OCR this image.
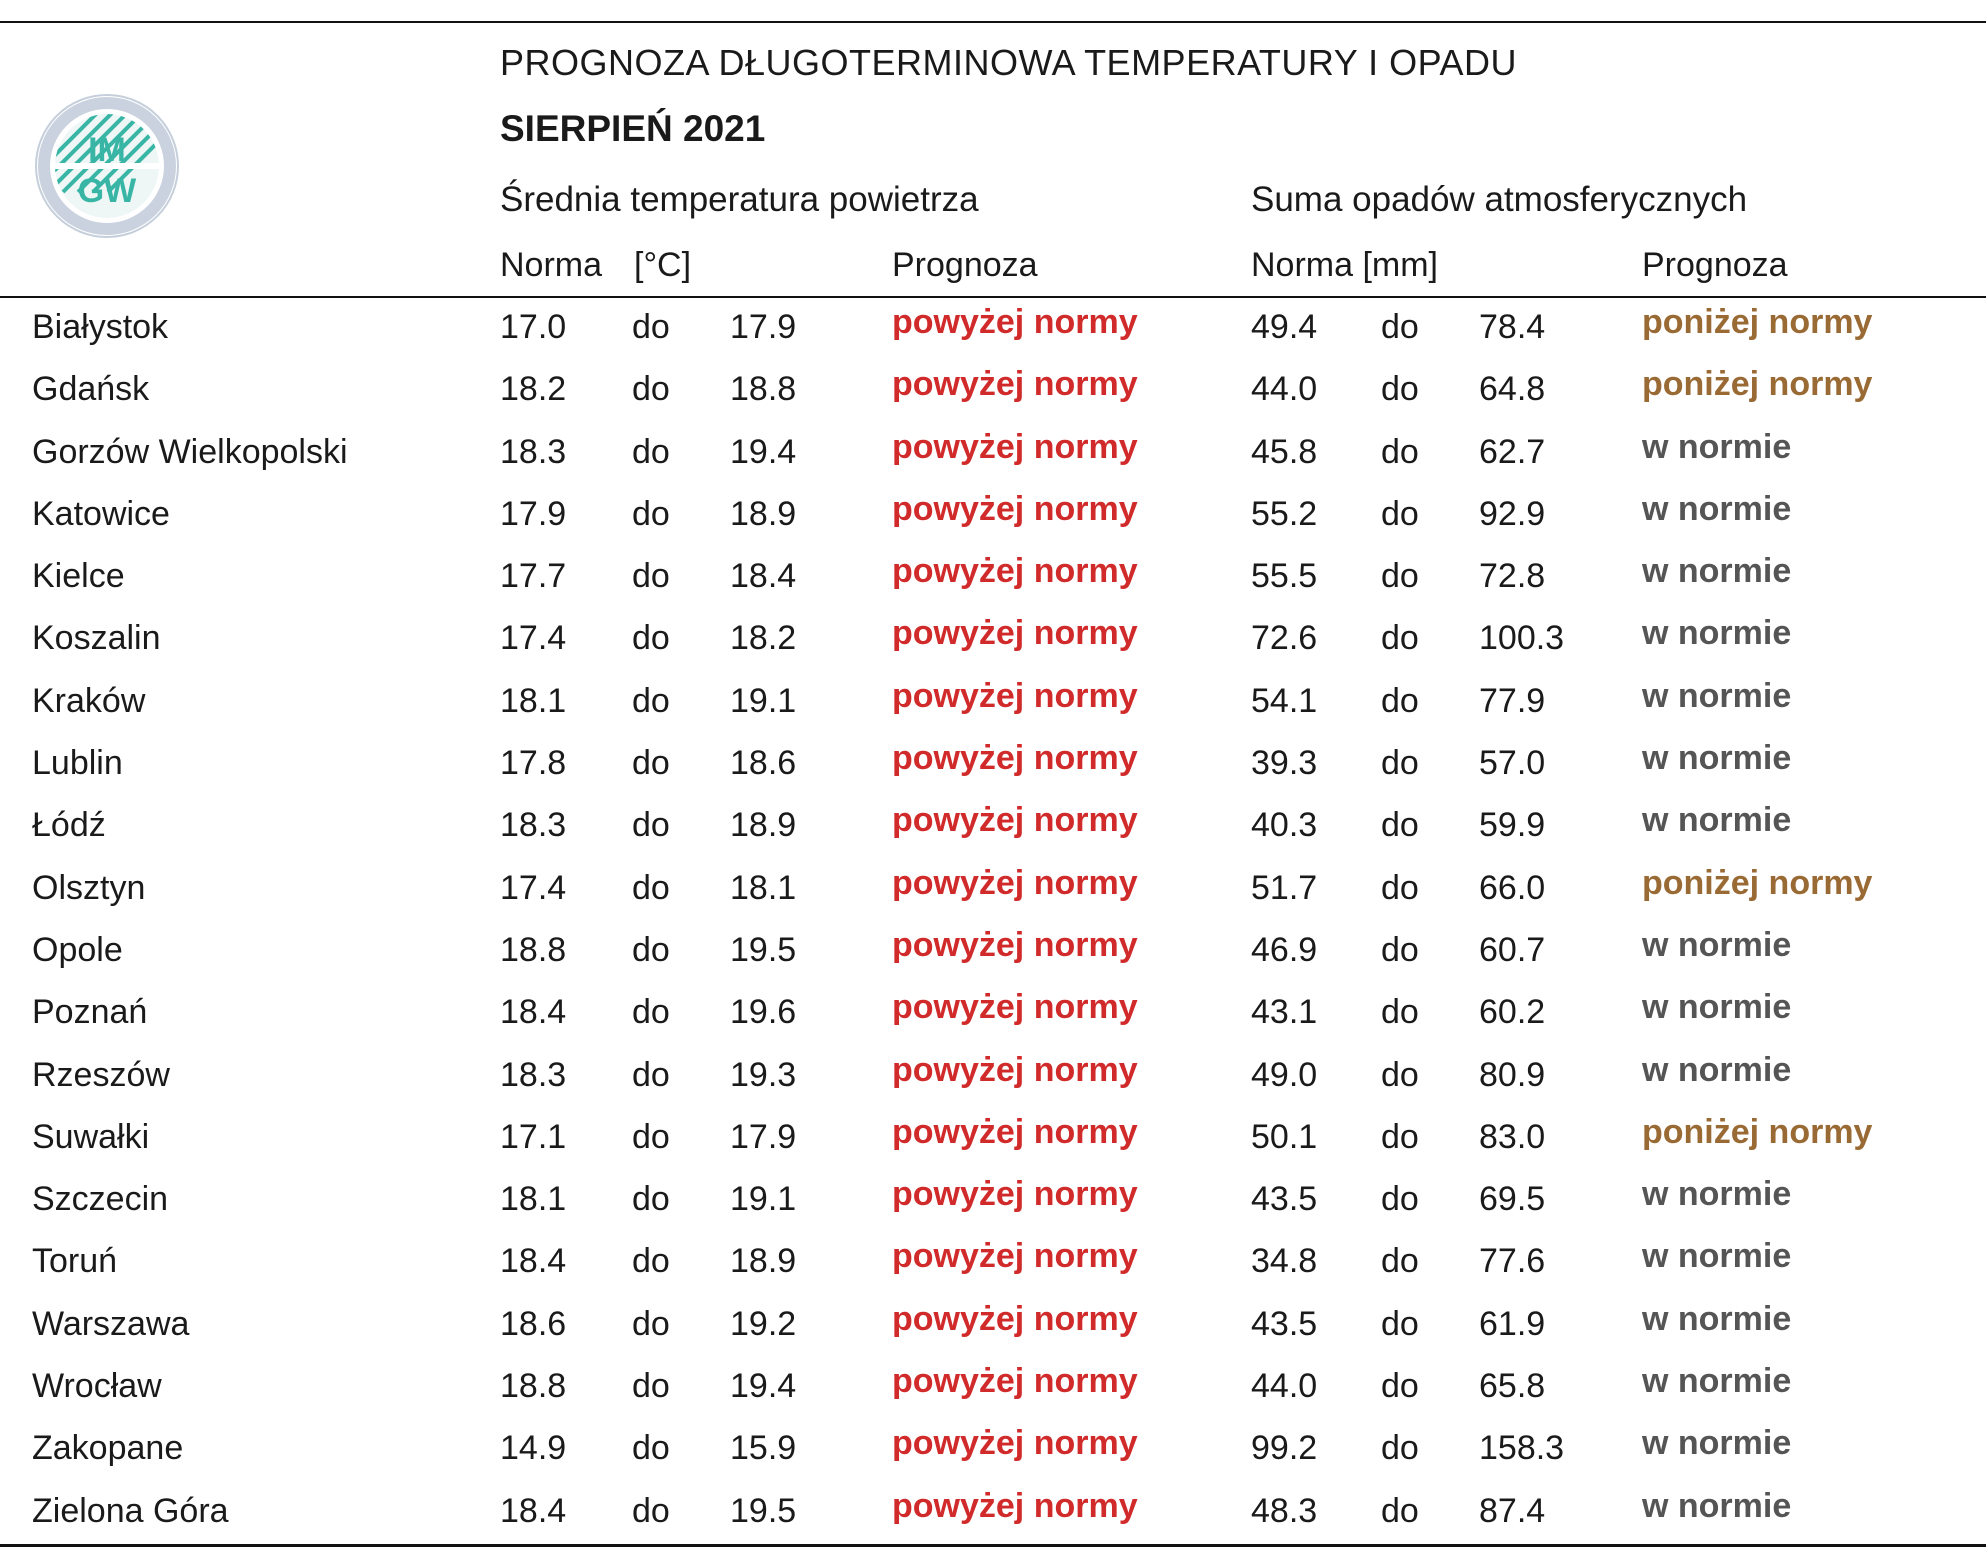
IM
GW
PROGNOZA DŁUGOTERMINOWA TEMPERATURY I OPADU
SIERPIEŃ 2021
Średnia temperatura powietrza	Suma opadów atmosferycznych
Norma [°C]	Prognoza	Norma [mm]	Prognoza
Białystok	17.0 do 17.9	powyżej normy	49.4 do 78.4	poniżej normy
Gdańsk	18.2 do 18.8	powyżej normy	44.0 do 64.8	poniżej normy
Gorzów Wielkopolski	18.3 do 19.4	powyżej normy	45.8 do 62.7	w normie
Katowice	17.9 do 18.9	powyżej normy	55.2 do 92.9	w normie
Kielce	17.7 do 18.4	powyżej normy	55.5 do 72.8	w normie
Koszalin	17.4 do 18.2	powyżej normy	72.6 do 100.3 w normie
Kraków	18.1 do 19.1	powyżej normy	54.1 do 77.9	w normie
Lublin	17.8 do 18.6	powyżej normy	39.3 do 57.0	w normie
Łódź	18.3 do 18.9	powyżej normy	40.3 do 59.9	w normie
Olsztyn	17.4 do 18.1	powyżej normy	51.7 do 66.0	poniżej normy
Opole	18.8 do 19.5	powyżej normy	46.9 do 60.7	w normie
Poznań	18.4 do 19.6	powyżej normy	43.1 do 60.2	w normie
Rzeszów	18.3 do 19.3	powyżej normy	49.0 do 80.9	w normie
Suwałki	17.1 do 17.9	powyżej normy	50.1 do 83.0	poniżej normy
Szczecin	18.1 do 19.1	powyżej normy	43.5 do 69.5	w normie
Toruń	18.4 do 18.9	powyżej normy	34.8 do 77.6	w normie
Warszawa	18.6 do 19.2	powyżej normy	43.5 do 61.9	w normie
Wrocław	18.8 do 19.4	powyżej normy	44.0 do 65.8	w normie
Zakopane	14.9 do 15.9	powyżej normy	99.2 do 158.3 w normie
Zielona Góra	18.4 do 19.5	powyżej normy	48.3 do 87.4	w normie
